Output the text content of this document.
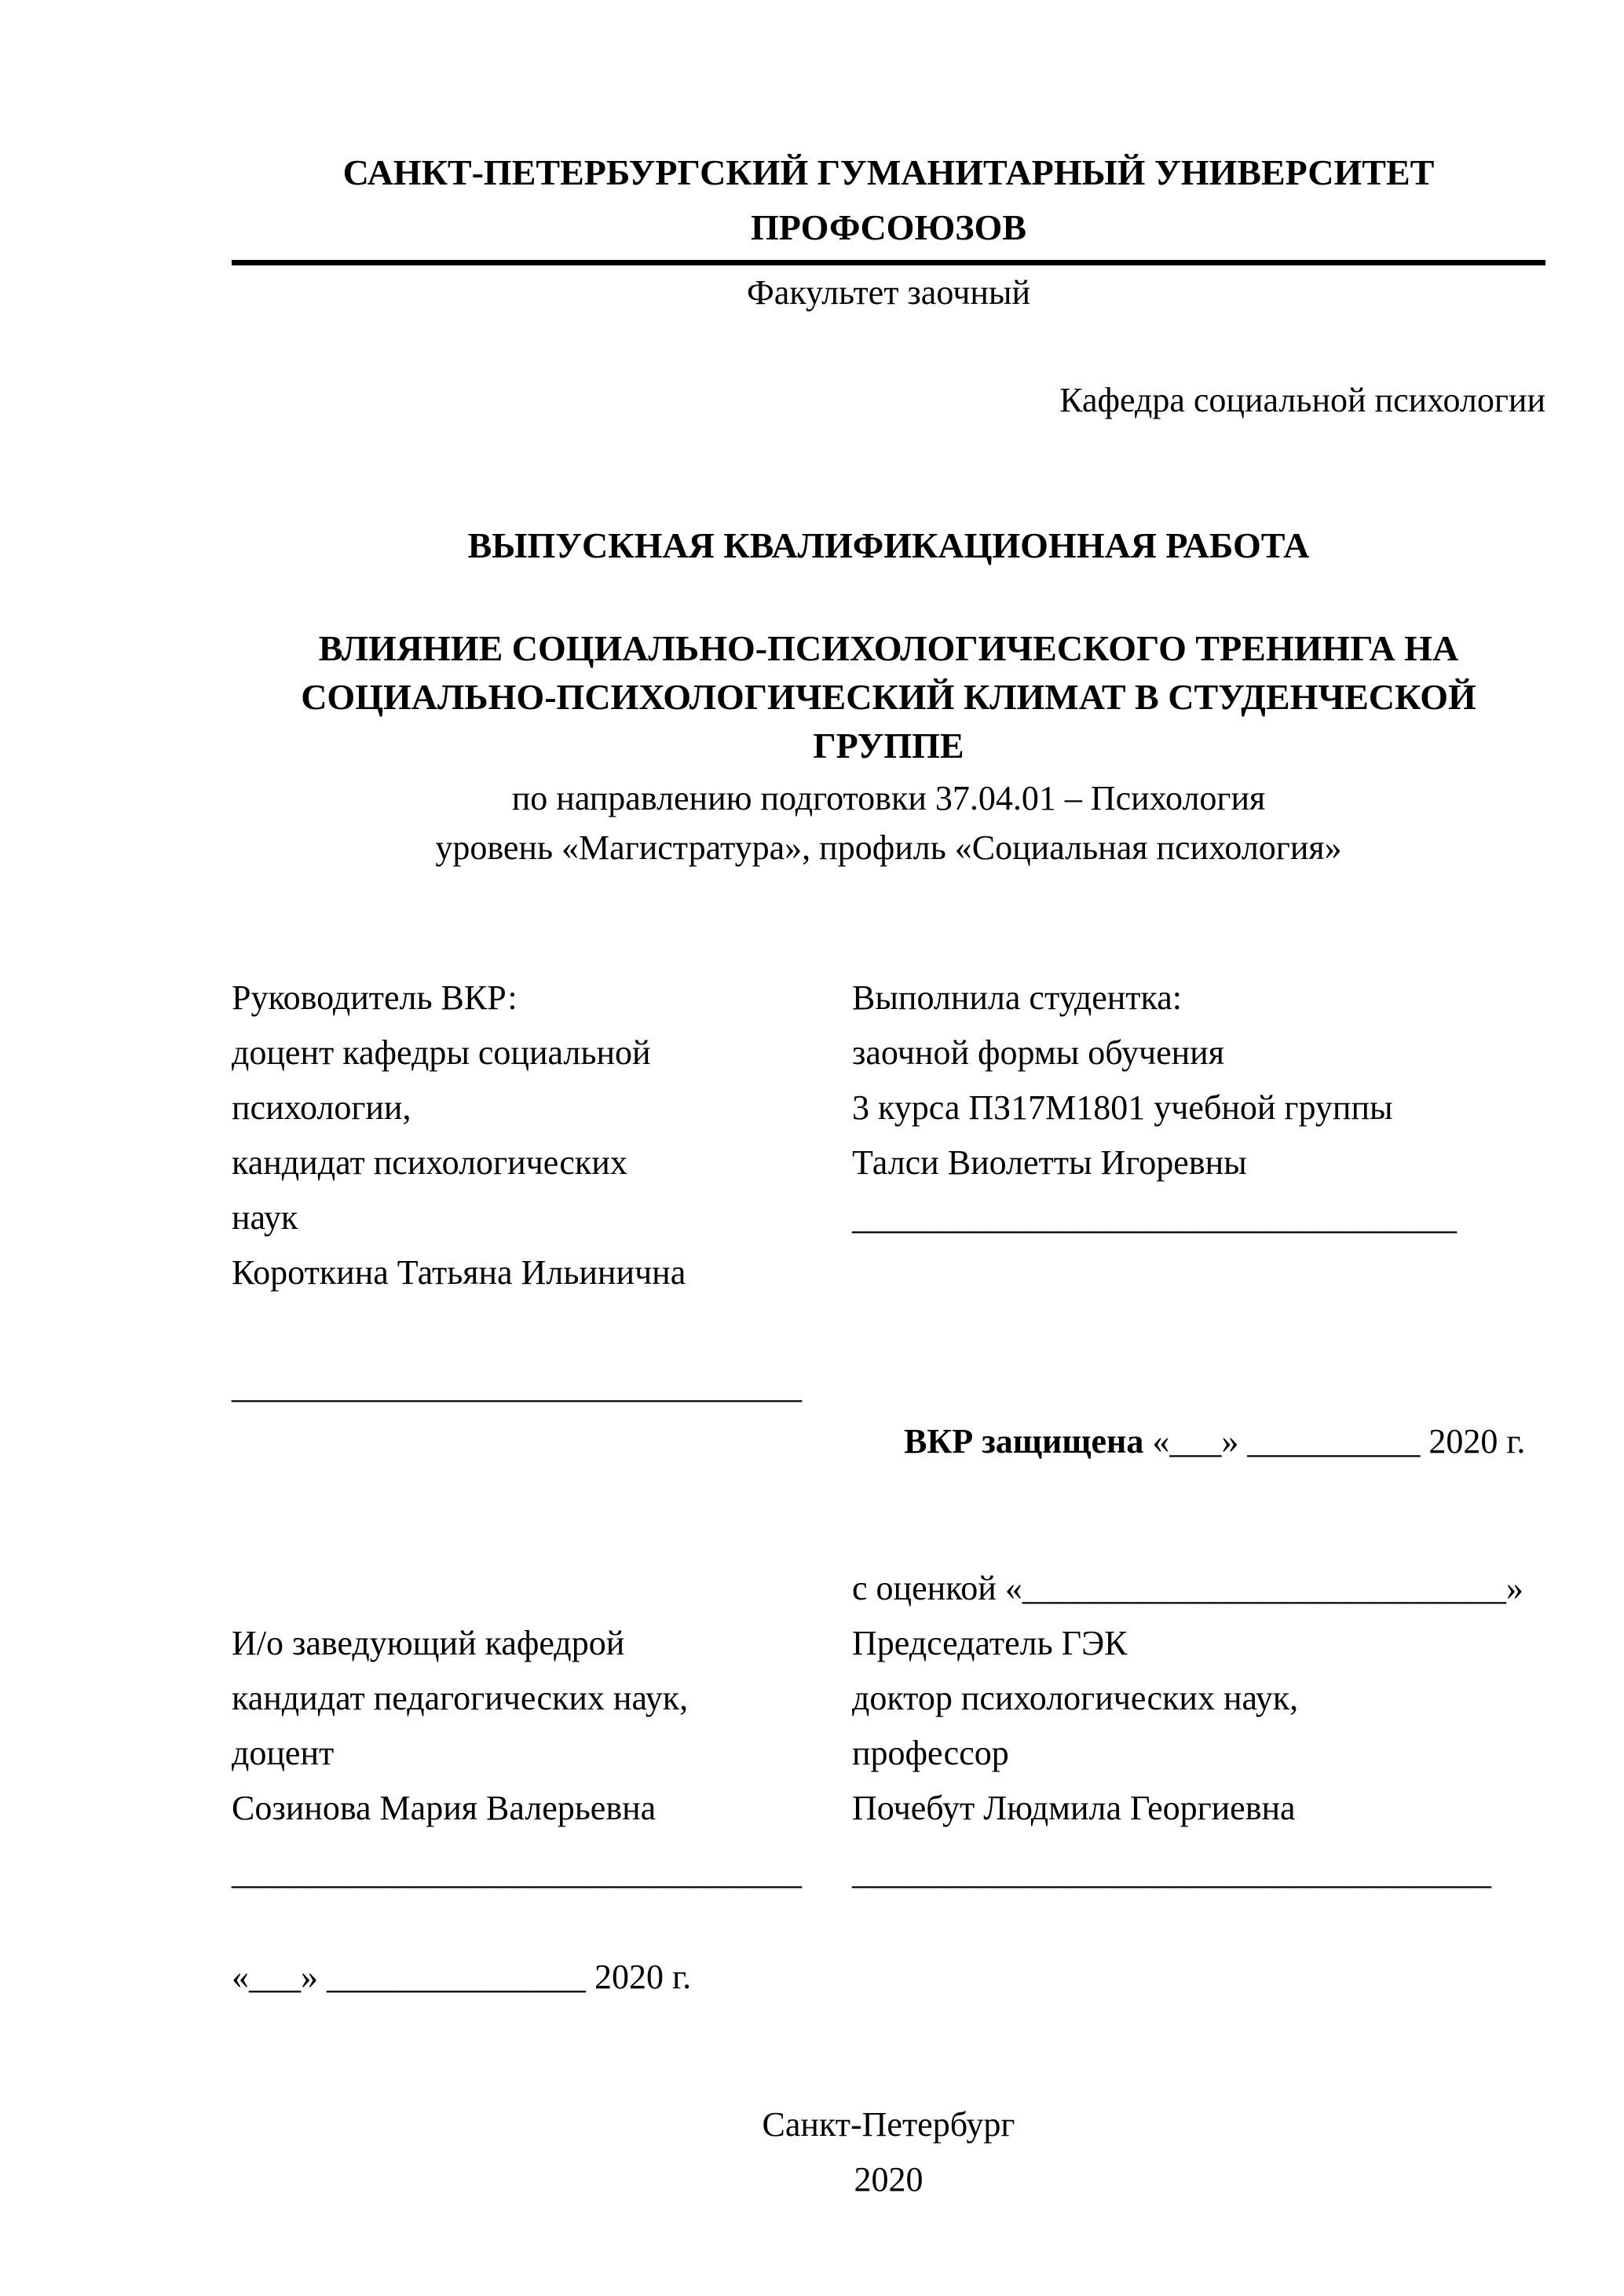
САНКТ-ПЕТЕРБУРГСКИЙ ГУМАНИТАРНЫЙ УНИВЕРСИТЕТ
ПРОФСОЮЗОВ
Факультет заочный
Кафедра социальной психологии
ВЫПУСКНАЯ КВАЛИФИКАЦИОННАЯ РАБОТА
ВЛИЯНИЕ СОЦИАЛЬНО-ПСИХОЛОГИЧЕСКОГО ТРЕНИНГА НА
СОЦИАЛЬНО-ПСИХОЛОГИЧЕСКИЙ КЛИМАТ В СТУДЕНЧЕСКОЙ
ГРУППЕ
по направлению подготовки 37.04.01 – Психология
уровень «Магистратура», профиль «Социальная психология»
Руководитель ВКР:
доцент кафедры социальной
психологии,
кандидат психологических
наук
Короткина Татьяна Ильинична
Выполнила студентка:
заочной формы обучения
3 курса ПЗ17М1801 учебной группы
Талси Виолетты Игоревны
___________________________________
_________________________________

ВКР защищена «___» __________ 2020 г.

с оценкой «____________________________»
И/о заведующий кафедрой
кандидат педагогических наук,
доцент
Созинова Мария Валерьевна
Председатель ГЭК
доктор психологических наук,
профессор
Почебут Людмила Георгиевна
_________________________________	_____________________________________
«___» _______________ 2020 г.
Санкт-Петербург
2020
